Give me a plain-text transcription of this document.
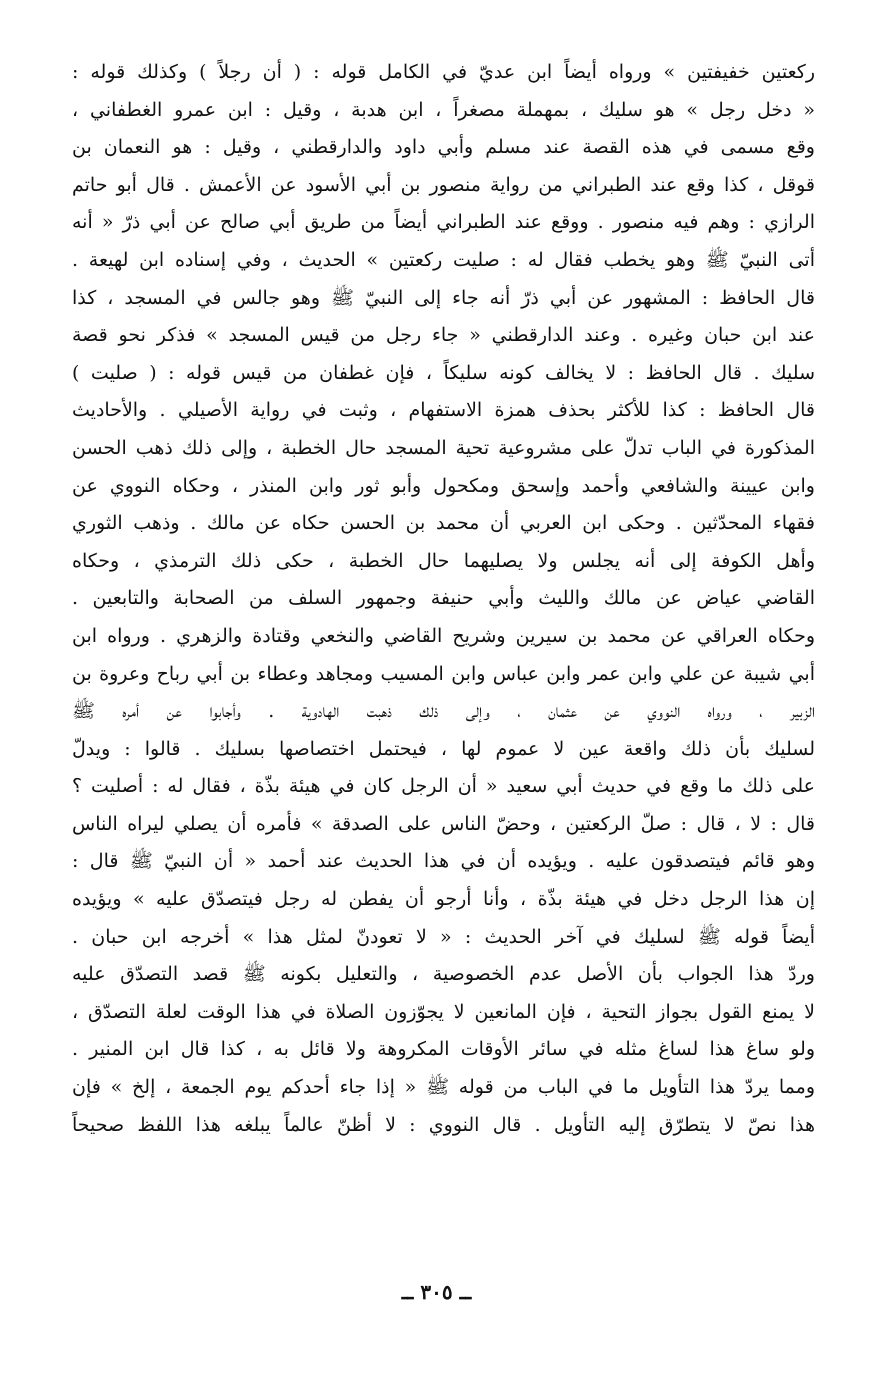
ركعتين خفيفتين » ورواه أيضاً ابن عديّ في الكامل قوله : ( أن رجلاً ) وكذلك قوله :
« دخل رجل » هو سليك ، بمهملة مصغراً ، ابن هدبة ، وقيل : ابن عمرو الغطفاني ،
وقع مسمى في هذه القصة عند مسلم وأبي داود والدارقطني ، وقيل : هو النعمان بن
قوقل ، كذا وقع عند الطبراني من رواية منصور بن أبي الأسود عن الأعمش . قال أبو حاتم
الرازي : وهم فيه منصور . ووقع عند الطبراني أيضاً من طريق أبي صالح عن أبي ذرّ « أنه
أتى النبيّ ﷺ وهو يخطب فقال له : صليت ركعتين » الحديث ، وفي إسناده ابن لهيعة .
قال الحافظ : المشهور عن أبي ذرّ أنه جاء إلى النبيّ ﷺ وهو جالس في المسجد ، كذا
عند ابن حبان وغيره . وعند الدارقطني « جاء رجل من قيس المسجد » فذكر نحو قصة
سليك . قال الحافظ : لا يخالف كونه سليكاً ، فإن غطفان من قيس قوله : ( صليت )
قال الحافظ : كذا للأكثر بحذف همزة الاستفهام ، وثبت في رواية الأصيلي . والأحاديث
المذكورة في الباب تدلّ على مشروعية تحية المسجد حال الخطبة ، وإلى ذلك ذهب الحسن
وابن عيينة والشافعي وأحمد وإسحق ومكحول وأبو ثور وابن المنذر ، وحكاه النووي عن
فقهاء المحدّثين . وحكى ابن العربي أن محمد بن الحسن حكاه عن مالك . وذهب الثوري
وأهل الكوفة إلى أنه يجلس ولا يصليهما حال الخطبة ، حكى ذلك الترمذي ، وحكاه
القاضي عياض عن مالك والليث وأبي حنيفة وجمهور السلف من الصحابة والتابعين .
وحكاه العراقي عن محمد بن سيرين وشريح القاضي والنخعي وقتادة والزهري . ورواه ابن
أبي شيبة عن علي وابن عمر وابن عباس وابن المسيب ومجاهد وعطاء بن أبي رباح وعروة بن
الزبير ، ورواه النووي عن عثمان ، وإلى ذلك ذهبت الهادوية . وأجابوا عن أمره ﷺ
لسليك بأن ذلك واقعة عين لا عموم لها ، فيحتمل اختصاصها بسليك . قالوا : ويدلّ
على ذلك ما وقع في حديث أبي سعيد « أن الرجل كان في هيئة بذّة ، فقال له : أصليت ؟
قال : لا ، قال : صلّ الركعتين ، وحضّ الناس على الصدقة » فأمره أن يصلي ليراه الناس
وهو قائم فيتصدقون عليه . ويؤيده أن في هذا الحديث عند أحمد « أن النبيّ ﷺ قال :
إن هذا الرجل دخل في هيئة بذّة ، وأنا أرجو أن يفطن له رجل فيتصدّق عليه » ويؤيده
أيضاً قوله ﷺ لسليك في آخر الحديث : « لا تعودنّ لمثل هذا » أخرجه ابن حبان .
وردّ هذا الجواب بأن الأصل عدم الخصوصية ، والتعليل بكونه ﷺ قصد التصدّق عليه
لا يمنع القول بجواز التحية ، فإن المانعين لا يجوّزون الصلاة في هذا الوقت لعلة التصدّق ،
ولو ساغ هذا لساغ مثله في سائر الأوقات المكروهة ولا قائل به ، كذا قال ابن المنير .
ومما يردّ هذا التأويل ما في الباب من قوله ﷺ « إذا جاء أحدكم يوم الجمعة ، إلخ » فإن
هذا نصّ لا يتطرّق إليه التأويل . قال النووي : لا أظنّ عالماً يبلغه هذا اللفظ صحيحاً
ــ ٣٠٥ ــ
